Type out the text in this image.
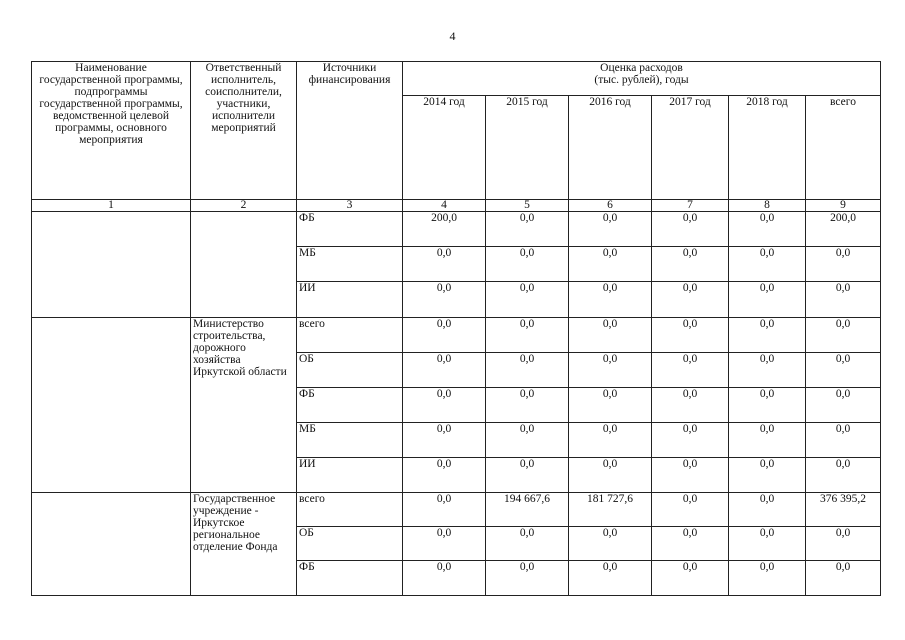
4
Наименование государственной программы, подпрограммы государственной программы, ведомственной целевой программы, основного мероприятия	Ответственный исполнитель, соисполнители, участники, исполнители мероприятий	Источники финансирования	Оценка расходов
(тыс. рублей), годы					

			2014 год	2015 год	2016 год	2017 год	2018 год	всего
1	2	3	4	5	6	7	8	9
		ФБ	200,0	0,0	0,0	0,0	0,0	200,0
		МБ	0,0	0,0	0,0	0,0	0,0	0,0
		ИИ	0,0	0,0	0,0	0,0	0,0	0,0
	Министерство строительства, дорожного хозяйства Иркутской области	всего	0,0	0,0	0,0	0,0	0,0	0,0
		ОБ	0,0	0,0	0,0	0,0	0,0	0,0
		ФБ	0,0	0,0	0,0	0,0	0,0	0,0
		МБ	0,0	0,0	0,0	0,0	0,0	0,0
		ИИ	0,0	0,0	0,0	0,0	0,0	0,0
	Государственное учреждение - Иркутское региональное отделение Фонда	всего	0,0	194 667,6	181 727,6	0,0	0,0	376 395,2
		ОБ	0,0	0,0	0,0	0,0	0,0	0,0
		ФБ	0,0	0,0	0,0	0,0	0,0	0,0
